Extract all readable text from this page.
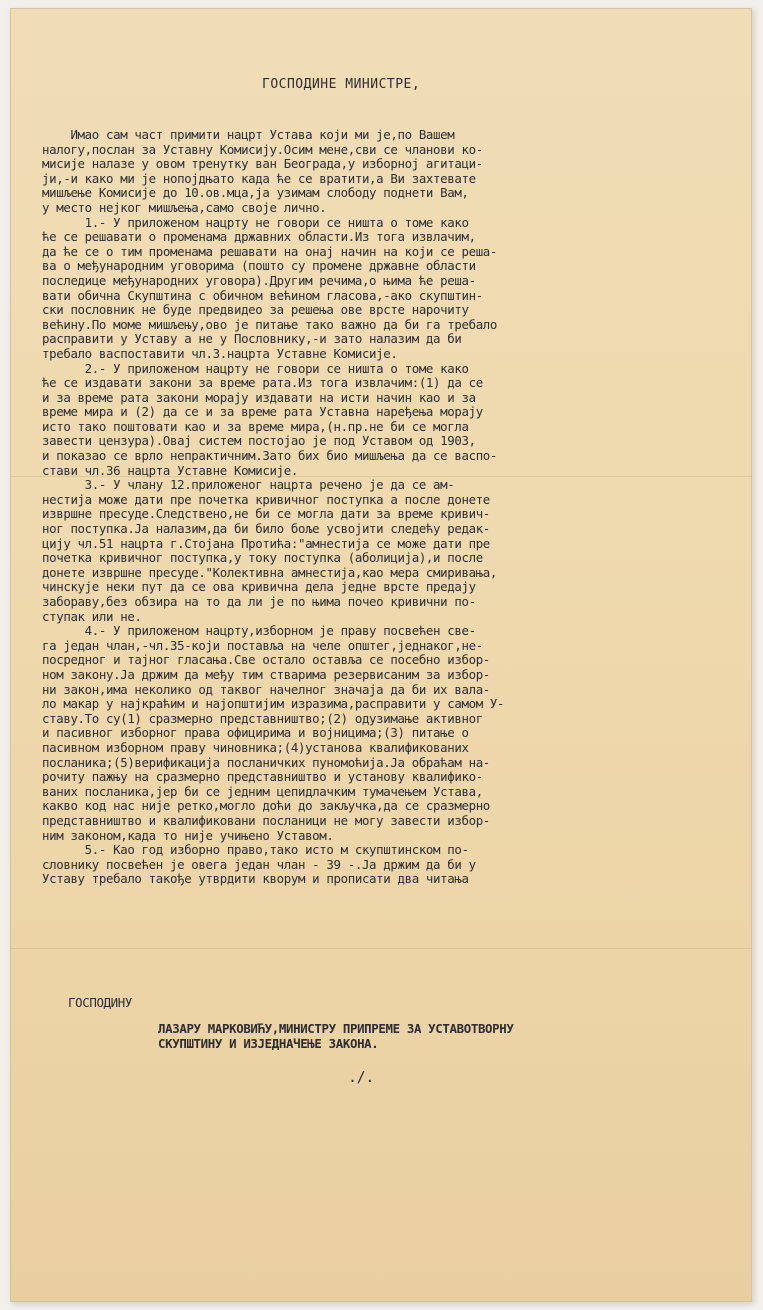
ГОСПОДИНЕ МИНИСТРЕ,
Имао сам част примити нацрт Устава који ми је,по Вашем
налогу,послан за Уставну Комисију.Осим мене,сви се чланови ко-
мисије налазе у овом тренутку ван Београда,у изборној агитаци-
ји,-и како ми је нопојдњато када ће се вратити,а Ви захтевате
мишљење Комисије до 10.ов.мца,ја узимам слободу поднети Вам,
у место нејког мишљења,само своје лично.
1.- У приложеном нацрту не говори се ништа о томе како
ће се решавати о променама државних области.Из тога извлачим,
да ће се о тим променама решавати на онај начин на који се реша-
ва о међународним уговорима (пошто су промене државне области
последице међународних уговора).Другим речима,о њима ће решa-
вати обична Скупштина с обичном већином гласова,-ако скупштин-
ски пословник не буде предвидео за решења ове врсте нарочиту
већину.По моме мишљењу,ово је питање тако важно да би га требало
расправити у Уставу а не у Пословнику,-и зато налазим да би
требало васпоставити чл.3.нацрта Уставне Комисије.
2.- У приложеном нацрту не говори се ништа о томе како
ће се издавати закони за време рата.Из тога извлачим:(1) да се
и за време рата закони морају издавати на исти начин као и за
време мира и (2) да се и за време рата Уставна наређења морају
исто тако поштовати као и за време мира,(н.пр.не би се могла
завести цензура).Овај систем постојао је под Уставом од 1903,
и показао се врло непрактичним.Зато бих био мишљења да се васпо-
стави чл.36 нацрта Уставне Комисије.
3.- У члану 12.приложеног нацрта речено је да се ам-
нестија може дати пре почетка кривичног поступка а после донете
извршне пресуде.Следствено,не би се могла дати за време кривич-
ног поступка.Ја налазим,да би било боље усвојити следећу редак-
цију чл.51 нацрта г.Стојана Протића:"амнестија се може дати пре
почетка кривичног поступка,у току поступка (аболиција),и после
донете извршне пресуде."Колективна амнестија,као мера смиривања,
чинскује неки пут да се ова кривична дела једне врсте предају
забораву,без обзира на то да ли је по њима почео кривични по-
ступак или не.
4.- У приложеном нацрту,изборном је праву посвећен све-
га један члан,-чл.35-који поставља на челе општег,једнаког,не-
посредног и тајног гласања.Све остало оставља се посебно избор-
ном закону.Ја држим да међу тим стварима резервисаним за избор-
ни закон,има неколико од таквог начелног значаја да би их вала-
ло макар у најкраћим и најопштијим изразима,расправити у самом У-
ставу.То су(1) сразмерно представништво;(2) одузимање активног
и пасивног изборног права официрима и војницима;(3) питање о
пасивном изборном праву чиновника;(4)установа квалификованих
посланика;(5)верификација посланичких пуномоћија.Ја обраћам на-
рочиту пажњу на сразмерно представништво и установу квалифико-
ваних посланика,јер би се једним цепидлачким тумачењем Устава,
какво код нас није ретко,могло доћи до закључка,да се сразмерно
представништво и квалификовани посланици не могу завести избор-
ним законом,када то није учињено Уставом.
5.- Као год изборно право,тако исто м скупштинском по-
словнику посвећен је овега један члан - 39 -.Ја држим да би у
Уставу требало такође утврдити кворум и прописати два читања
ГОСПОДИНУ
ЛАЗАРУ МАРКОВИЋУ,МИНИСТРУ ПРИПРЕМЕ ЗА УСТАВОТВОРНУ
СКУПШТИНУ И ИЗЈЕДНАЧЕЊЕ ЗАКОНА.
./.
